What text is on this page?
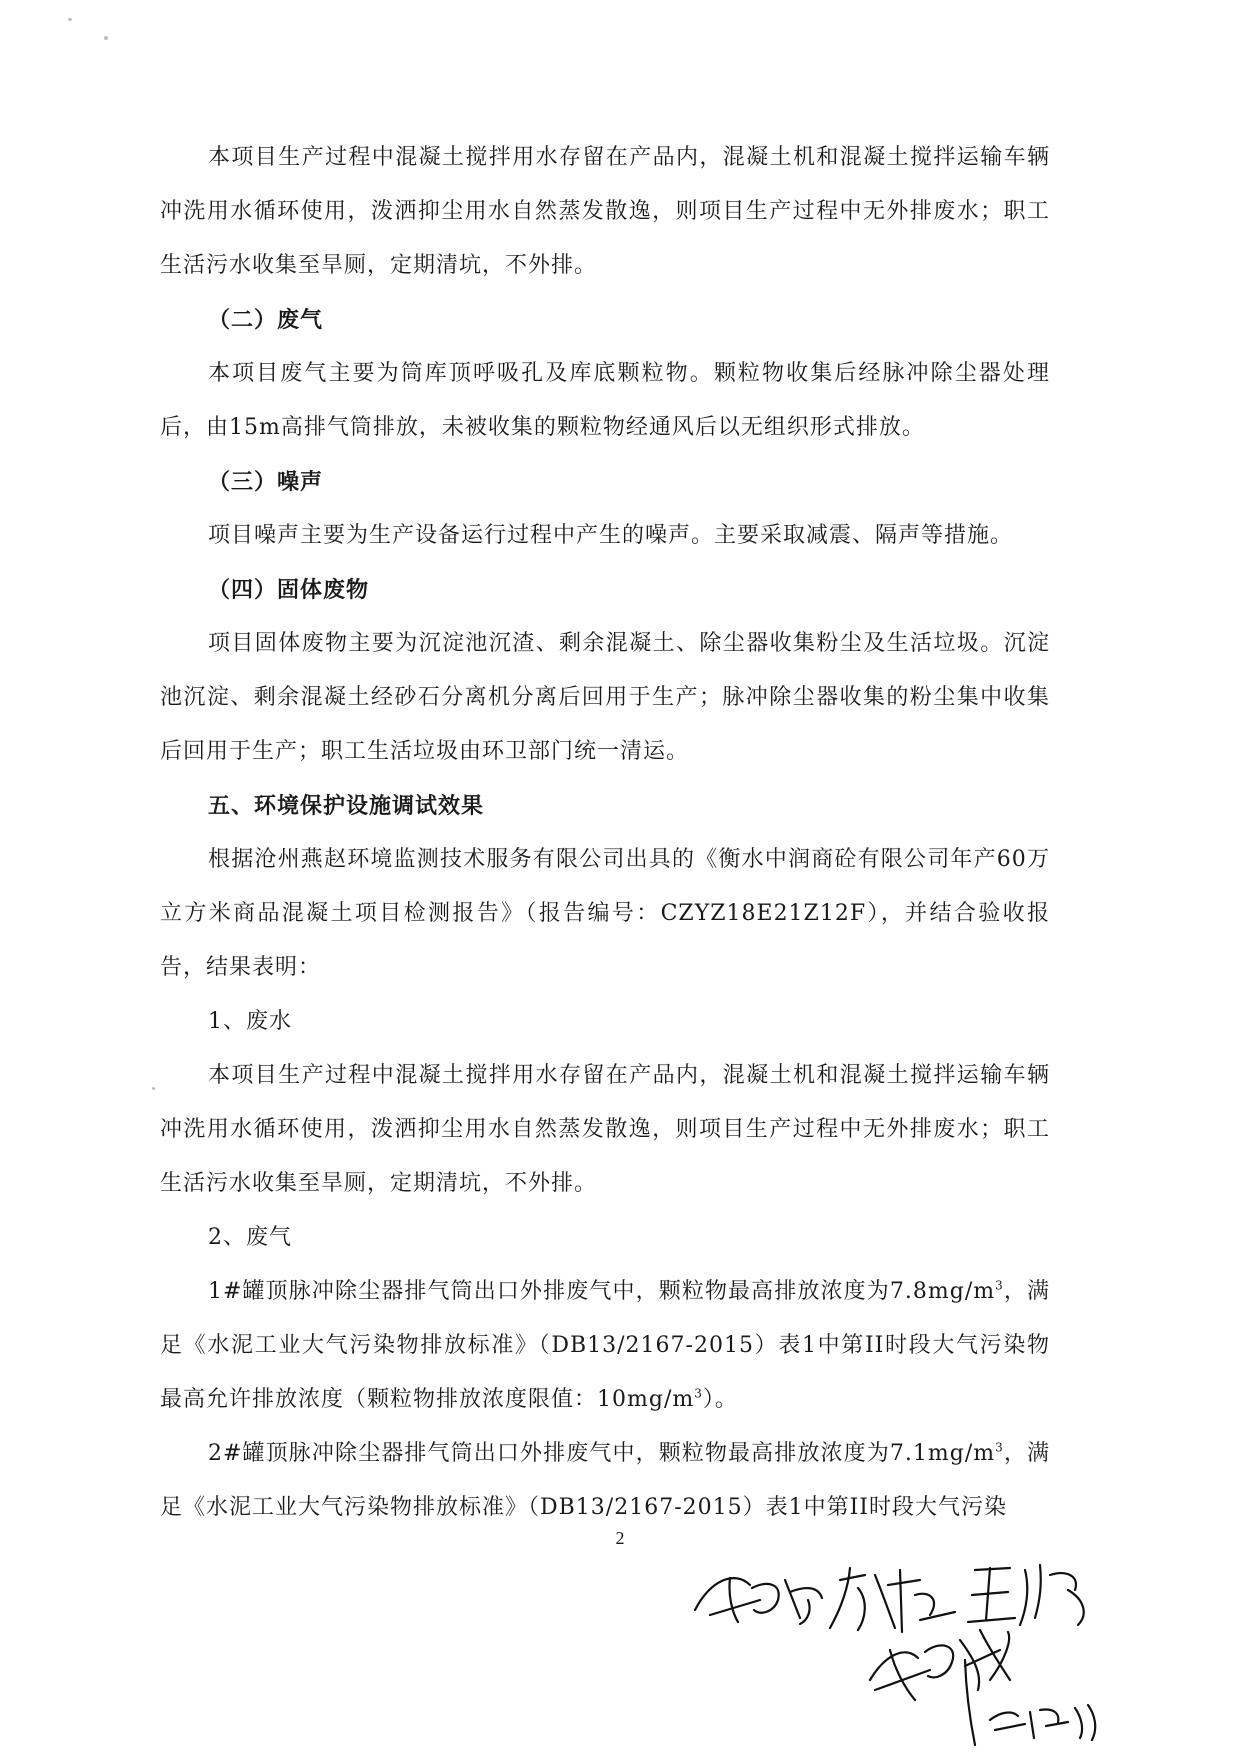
本项目生产过程中混凝土搅拌用水存留在产品内，混凝土机和混凝土搅拌运输车辆冲洗用水循环使用，泼洒抑尘用水自然蒸发散逸，则项目生产过程中无外排废水；职工生活污水收集至旱厕，定期清坑，不外排。

（二）废气

本项目废气主要为筒库顶呼吸孔及库底颗粒物。颗粒物收集后经脉冲除尘器处理后，由15m高排气筒排放，未被收集的颗粒物经通风后以无组织形式排放。

（三）噪声

项目噪声主要为生产设备运行过程中产生的噪声。主要采取减震、隔声等措施。

（四）固体废物

项目固体废物主要为沉淀池沉渣、剩余混凝土、除尘器收集粉尘及生活垃圾。沉淀池沉淀、剩余混凝土经砂石分离机分离后回用于生产；脉冲除尘器收集的粉尘集中收集后回用于生产；职工生活垃圾由环卫部门统一清运。

五、环境保护设施调试效果

根据沧州燕赵环境监测技术服务有限公司出具的《衡水中润商砼有限公司年产60万立方米商品混凝土项目检测报告》（报告编号：CZYZ18E21Z12F），并结合验收报告，结果表明：

1、废水

本项目生产过程中混凝土搅拌用水存留在产品内，混凝土机和混凝土搅拌运输车辆冲洗用水循环使用，泼洒抑尘用水自然蒸发散逸，则项目生产过程中无外排废水；职工生活污水收集至旱厕，定期清坑，不外排。

2、废气

1#罐顶脉冲除尘器排气筒出口外排废气中，颗粒物最高排放浓度为$7.8mg/m^3$，满足《水泥工业大气污染物排放标准》（DB13/2167-2015）表1中第II时段大气污染物最高允许排放浓度（颗粒物排放浓度限值：$10mg/m^3$）。

2#罐顶脉冲除尘器排气筒出口外排废气中，颗粒物最高排放浓度为$7.1mg/m^3$，满足《水泥工业大气污染物排放标准》（DB13/2167-2015）表1中第II时段大气污染

2
